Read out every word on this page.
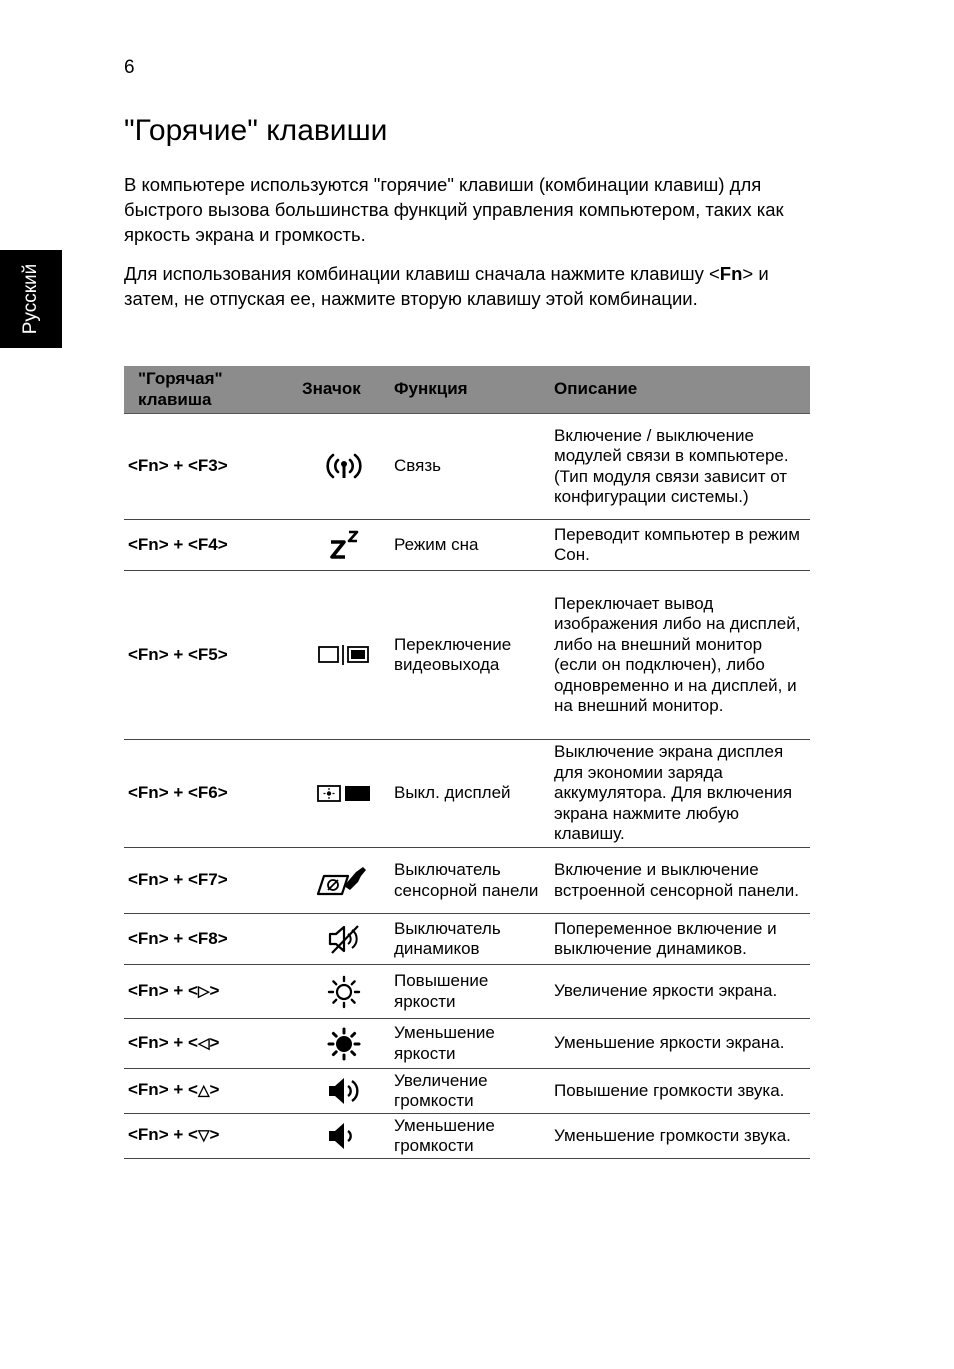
Русский
6
"Горячие" клавиши

В компьютере используются "горячие" клавиши (комбинации клавиш) для быстрого вызова большинства функций управления компьютером, таких как яркость экрана и громкость.

Для использования комбинации клавиш сначала нажмите клавишу <Fn> и затем, не отпуская ее, нажмите вторую клавишу этой комбинации.

"Горячая" клавиша	Значок	Функция	Описание
<Fn> + <F3>		Связь	Включение / выключение модулей связи в компьютере. (Тип модуля связи зависит от конфигурации системы.)
<Fn> + <F4>		Режим сна	Переводит компьютер в режим Сон.
<Fn> + <F5>		Переключение видеовыхода	Переключает вывод изображения либо на дисплей, либо на внешний монитор (если он подключен), либо одновременно и на дисплей, и на внешний монитор.
<Fn> + <F6>		Выкл. дисплей	Выключение экрана дисплея для экономии заряда аккумулятора. Для включения экрана нажмите любую клавишу.
<Fn> + <F7>		Выключатель сенсорной панели	Включение и выключение встроенной сенсорной панели.
<Fn> + <F8>		Выключатель динамиков	Попеременное включение и выключение динамиков.
<Fn> + <▷>		Повышение яркости	Увеличение яркости экрана.
<Fn> + <◁>		Уменьшение яркости	Уменьшение яркости экрана.
<Fn> + <△>		Увеличение громкости	Повышение громкости звука.
<Fn> + <▽>		Уменьшение громкости	Уменьшение громкости звука.
